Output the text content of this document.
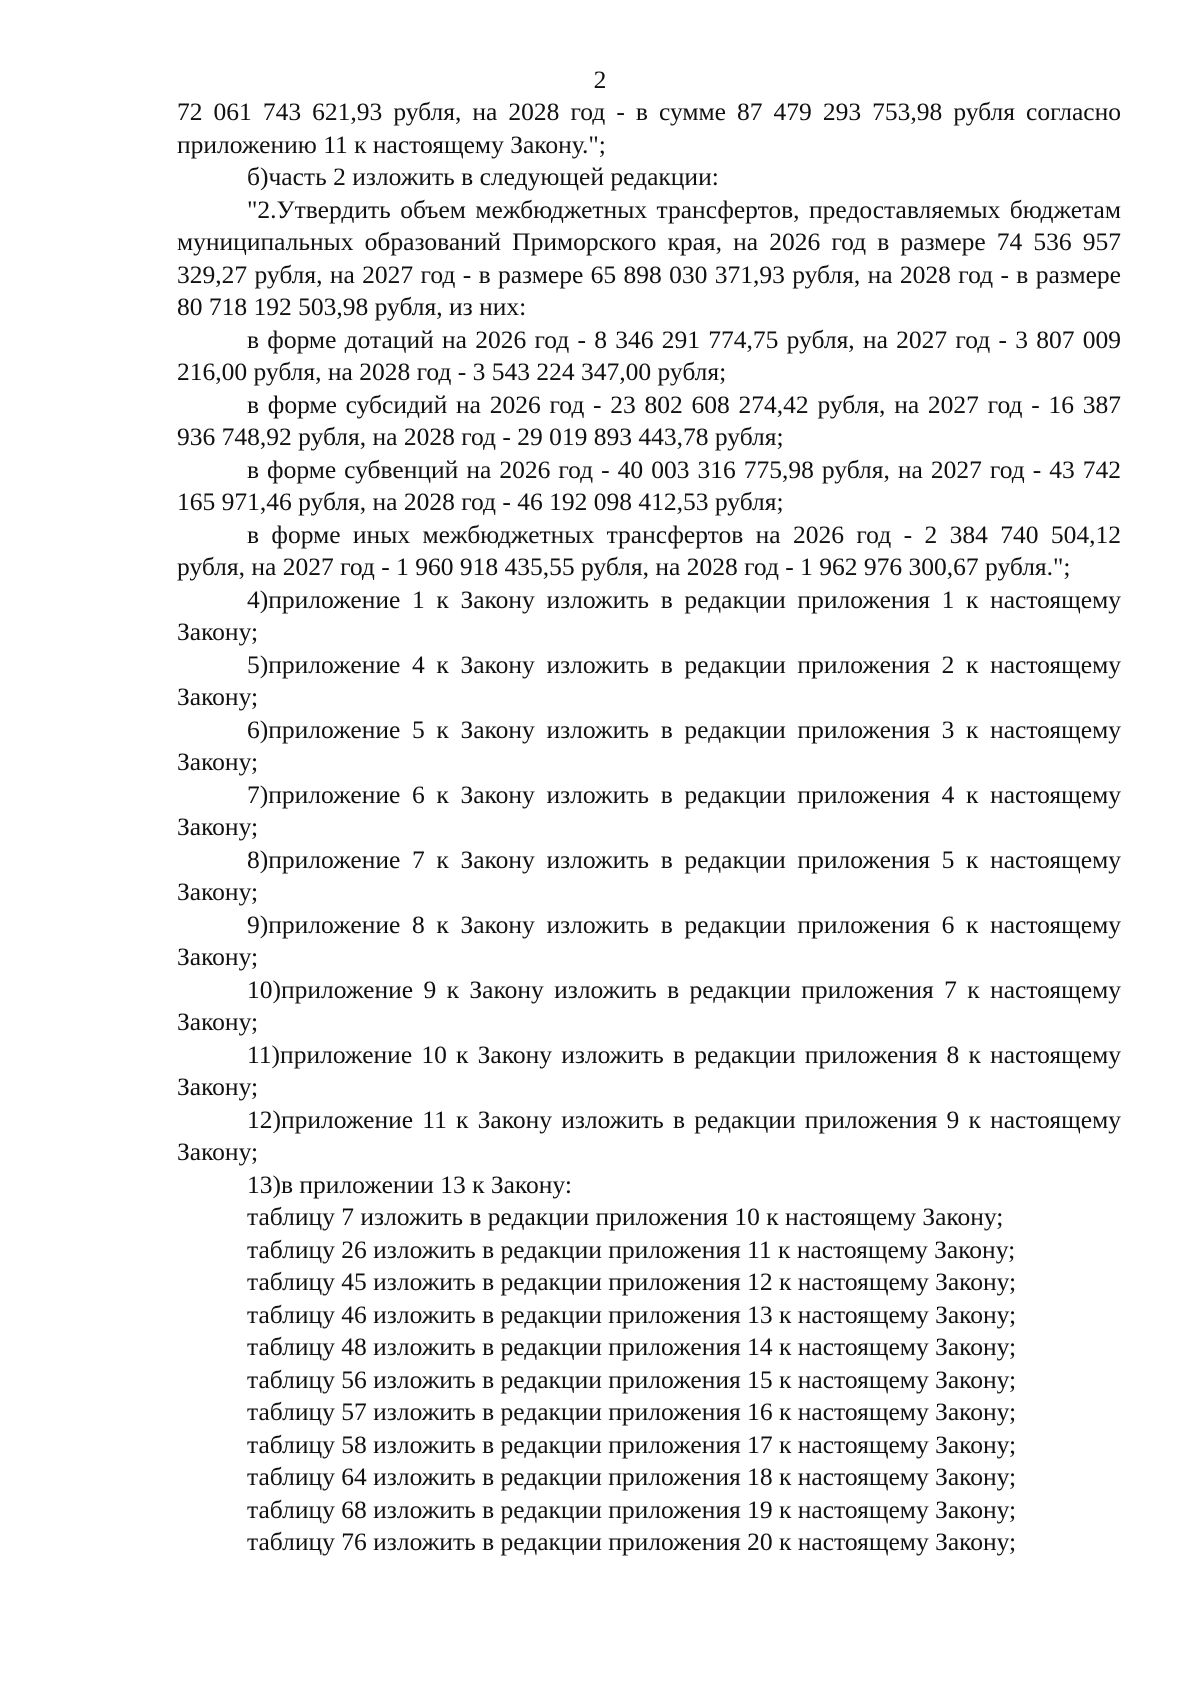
2

72 061 743 621,93 рубля, на 2028 год - в сумме 87 479 293 753,98 рубля согласно приложению 11 к настоящему Закону.";

б)часть 2 изложить в следующей редакции:

"2.Утвердить объем межбюджетных трансфертов, предоставляемых бюджетам муниципальных образований Приморского края, на 2026 год в размере 74 536 957 329,27 рубля, на 2027 год - в размере 65 898 030 371,93 рубля, на 2028 год - в размере 80 718 192 503,98 рубля, из них:

в форме дотаций на 2026 год - 8 346 291 774,75 рубля, на 2027 год - 3 807 009 216,00 рубля, на 2028 год - 3 543 224 347,00 рубля;

в форме субсидий на 2026 год - 23 802 608 274,42 рубля, на 2027 год - 16 387 936 748,92 рубля, на 2028 год - 29 019 893 443,78 рубля;

в форме субвенций на 2026 год - 40 003 316 775,98 рубля, на 2027 год - 43 742 165 971,46 рубля, на 2028 год - 46 192 098 412,53 рубля;

в форме иных межбюджетных трансфертов на 2026 год - 2 384 740 504,12 рубля, на 2027 год - 1 960 918 435,55 рубля, на 2028 год - 1 962 976 300,67 рубля.";

4)приложение 1 к Закону изложить в редакции приложения 1 к настоящему Закону;

5)приложение 4 к Закону изложить в редакции приложения 2 к настоящему Закону;

6)приложение 5 к Закону изложить в редакции приложения 3 к настоящему Закону;

7)приложение 6 к Закону изложить в редакции приложения 4 к настоящему Закону;

8)приложение 7 к Закону изложить в редакции приложения 5 к настоящему Закону;

9)приложение 8 к Закону изложить в редакции приложения 6 к настоящему Закону;

10)приложение 9 к Закону изложить в редакции приложения 7 к настоящему Закону;

11)приложение 10 к Закону изложить в редакции приложения 8 к настоящему Закону;

12)приложение 11 к Закону изложить в редакции приложения 9 к настоящему Закону;

13)в приложении 13 к Закону:

таблицу 7 изложить в редакции приложения 10 к настоящему Закону;
таблицу 26 изложить в редакции приложения 11 к настоящему Закону;
таблицу 45 изложить в редакции приложения 12 к настоящему Закону;
таблицу 46 изложить в редакции приложения 13 к настоящему Закону;
таблицу 48 изложить в редакции приложения 14 к настоящему Закону;
таблицу 56 изложить в редакции приложения 15 к настоящему Закону;
таблицу 57 изложить в редакции приложения 16 к настоящему Закону;
таблицу 58 изложить в редакции приложения 17 к настоящему Закону;
таблицу 64 изложить в редакции приложения 18 к настоящему Закону;
таблицу 68 изложить в редакции приложения 19 к настоящему Закону;
таблицу 76 изложить в редакции приложения 20 к настоящему Закону;
